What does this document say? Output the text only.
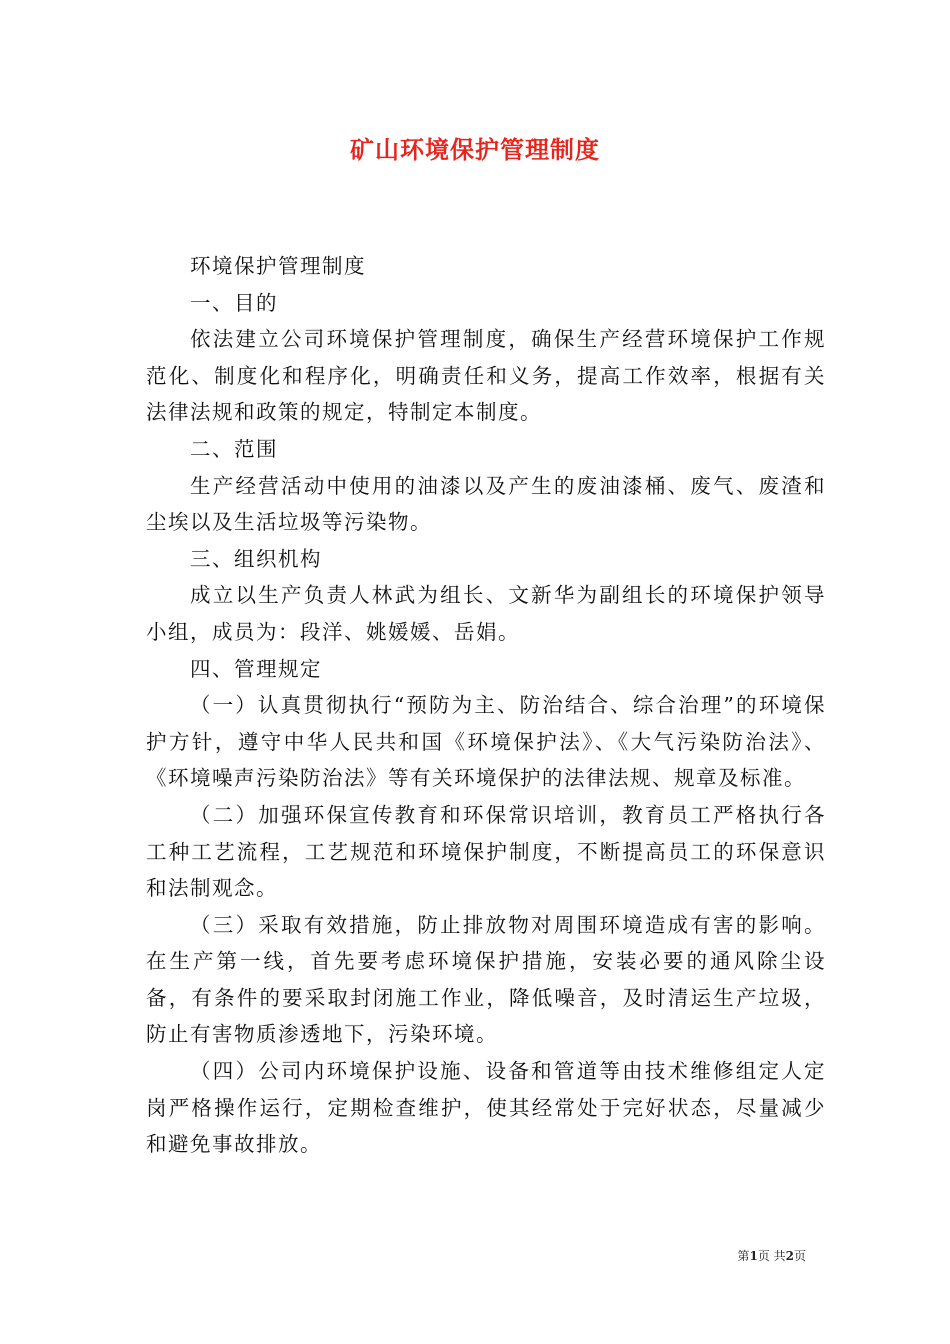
矿山环境保护管理制度

环境保护管理制度

一、目的

依法建立公司环境保护管理制度，确保生产经营环境保护工作规范化、制度化和程序化，明确责任和义务，提高工作效率，根据有关法律法规和政策的规定，特制定本制度。

二、范围

生产经营活动中使用的油漆以及产生的废油漆桶、废气、废渣和尘埃以及生活垃圾等污染物。

三、组织机构

成立以生产负责人林武为组长、文新华为副组长的环境保护领导小组，成员为：段洋、姚媛媛、岳娟。

四、管理规定

（一）认真贯彻执行“预防为主、防治结合、综合治理”的环境保护方针，遵守中华人民共和国《环境保护法》、《大气污染防治法》、《环境噪声污染防治法》等有关环境保护的法律法规、规章及标准。

（二）加强环保宣传教育和环保常识培训，教育员工严格执行各工种工艺流程，工艺规范和环境保护制度，不断提高员工的环保意识和法制观念。

（三）采取有效措施，防止排放物对周围环境造成有害的影响。在生产第一线，首先要考虑环境保护措施，安装必要的通风除尘设备，有条件的要采取封闭施工作业，降低噪音，及时清运生产垃圾，防止有害物质渗透地下，污染环境。

（四）公司内环境保护设施、设备和管道等由技术维修组定人定岗严格操作运行，定期检查维护，使其经常处于完好状态，尽量减少和避免事故排放。

第1页 共2页
